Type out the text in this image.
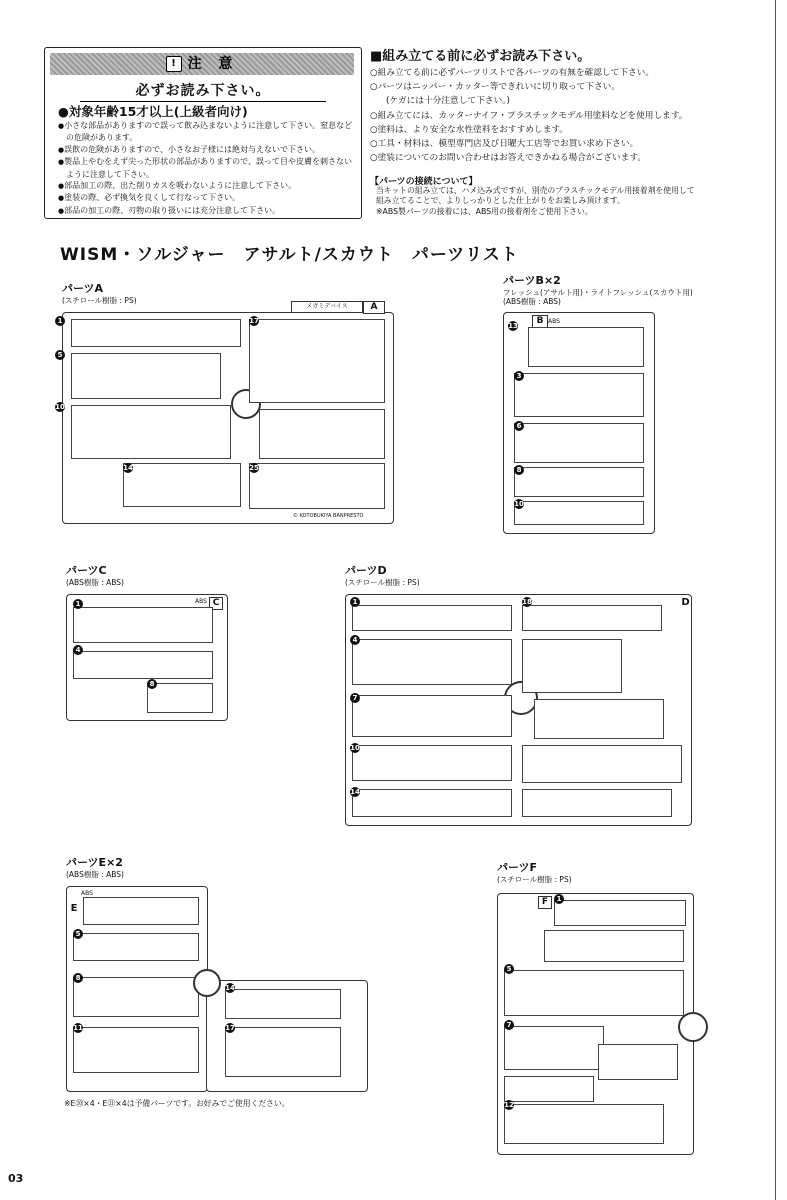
! 注 意
必ずお読み下さい。
●対象年齢15才以上(上級者向け)
● 小さな部品がありますので誤って飲み込まないように注意して下さい。窒息などの危険があります。
● 誤飲の危険がありますので、小さなお子様には絶対与えないで下さい。
● 製品上やむをえず尖った形状の部品がありますので、誤って目や皮膚を刺さないように注意して下さい。
● 部品加工の際、出た削りカスを吸わないように注意して下さい。
● 塗装の際、必ず換気を良くして行なって下さい。
● 部品の加工の際、刃物の取り扱いには充分注意して下さい。
■組み立てる前に必ずお読み下さい。
○組み立てる前に必ずパーツリストで各パーツの有無を確認して下さい。
○パーツはニッパー・カッター等できれいに切り取って下さい。
(ケガには十分注意して下さい。)
○組み立てには、カッターナイフ・プラスチックモデル用塗料などを使用します。
○塗料は、より安全な水性塗料をおすすめします。
○工具・材料は、模型専門店及び日曜大工店等でお買い求め下さい。
○塗装についてのお問い合わせはお答えできかねる場合がございます。
【パーツの接続について】
当キットの組み立ては、ハメ込み式ですが、別売のプラスチックモデル用接着剤を使用して
組み立てることで、よりしっかりとした仕上がりをお楽しみ頂けます。
※ABS製パーツの接着には、ABS用の接着剤をご使用下さい。
WISM・ソルジャー　アサルト/スカウト　パーツリスト
パーツA
(スチロール樹脂 : PS)
メガミデバイス	A
© KOTOBUKIYA BANPRESTO
1
5
10
14
17
25
パーツB×2
フレッシュ(アサルト用)・ライトフレッシュ(スカウト用)
(ABS樹脂 : ABS)
B ABS
13
3
6
8
10
パーツC
(ABS樹脂 : ABS)
ABS C
1
4
8
パーツD
(スチロール樹脂 : PS)
D
1
4
7
10
14
18
パーツE×2
(ABS樹脂 : ABS)
ABS
E
5
8
11
14
17
※E⑳×4・E㉑×4は予備パーツです。お好みでご使用ください。
パーツF
(スチロール樹脂 : PS)
F	1
5
7
12
03
